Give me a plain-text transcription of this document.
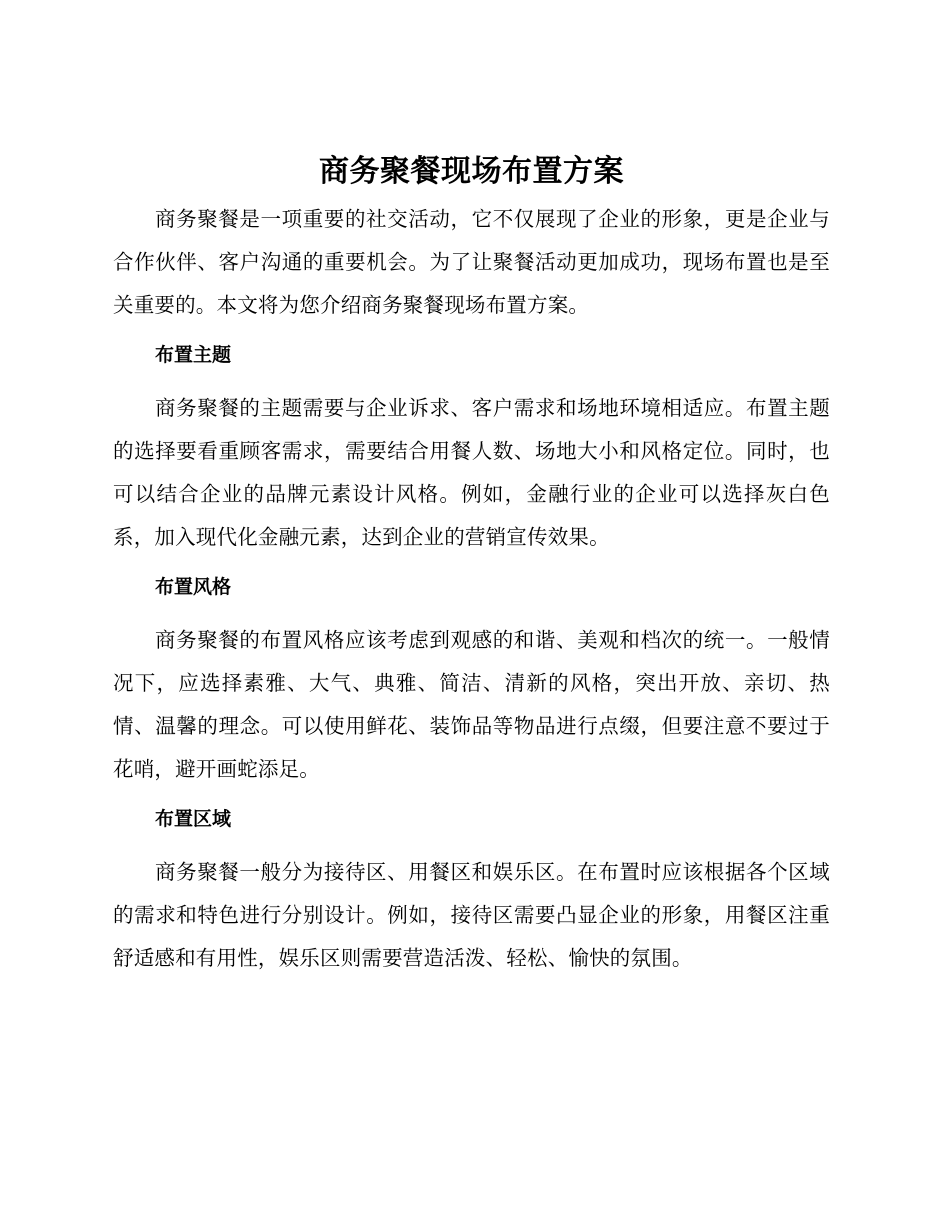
商务聚餐现场布置方案

商务聚餐是一项重要的社交活动，它不仅展现了企业的形象，更是企业与合作伙伴、客户沟通的重要机会。为了让聚餐活动更加成功，现场布置也是至关重要的。本文将为您介绍商务聚餐现场布置方案。

布置主题

商务聚餐的主题需要与企业诉求、客户需求和场地环境相适应。布置主题的选择要看重顾客需求，需要结合用餐人数、场地大小和风格定位。同时，也可以结合企业的品牌元素设计风格。例如，金融行业的企业可以选择灰白色系，加入现代化金融元素，达到企业的营销宣传效果。

布置风格

商务聚餐的布置风格应该考虑到观感的和谐、美观和档次的统一。一般情况下，应选择素雅、大气、典雅、简洁、清新的风格，突出开放、亲切、热情、温馨的理念。可以使用鲜花、装饰品等物品进行点缀，但要注意不要过于花哨，避开画蛇添足。

布置区域

商务聚餐一般分为接待区、用餐区和娱乐区。在布置时应该根据各个区域的需求和特色进行分别设计。例如，接待区需要凸显企业的形象，用餐区注重舒适感和有用性，娱乐区则需要营造活泼、轻松、愉快的氛围。
